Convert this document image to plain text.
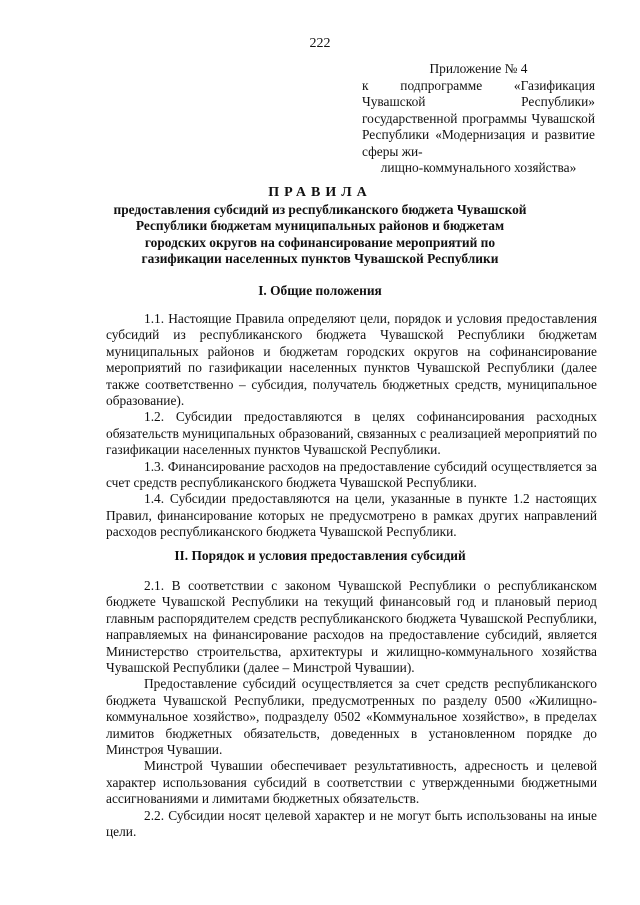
222
Приложение № 4
к подпрограмме «Газификация Чувашской Республики» государственной программы Чувашской Республики «Модернизация и развитие сферы жи-
лищно-коммунального хозяйства»
ПРАВИЛА
предоставления субсидий из республиканского бюджета Чувашской Республики бюджетам муниципальных районов и бюджетам городских округов на софинансирование мероприятий по газификации населенных пунктов Чувашской Республики
I. Общие положения

1.1. Настоящие Правила определяют цели, порядок и условия предоставления субсидий из республиканского бюджета Чувашской Республики бюджетам муниципальных районов и бюджетам городских округов на софинансирование мероприятий по газификации населенных пунктов Чувашской Республики (далее также соответственно – субсидия, получатель бюджетных средств, муниципальное образование).

1.2. Субсидии предоставляются в целях софинансирования расходных обязательств муниципальных образований, связанных с реализацией мероприятий по газификации населенных пунктов Чувашской Республики.

1.3. Финансирование расходов на предоставление субсидий осуществляется за счет средств республиканского бюджета Чувашской Республики.

1.4. Субсидии предоставляются на цели, указанные в пункте 1.2 настоящих Правил, финансирование которых не предусмотрено в рамках других направлений расходов республиканского бюджета Чувашской Республики.

II. Порядок и условия предоставления субсидий

2.1. В соответствии с законом Чувашской Республики о республиканском бюджете Чувашской Республики на текущий финансовый год и плановый период главным распорядителем средств республиканского бюджета Чувашской Республики, направляемых на финансирование расходов на предоставление субсидий, является Министерство строительства, архитектуры и жилищно-коммунального хозяйства Чувашской Республики (далее – Минстрой Чувашии).

Предоставление субсидий осуществляется за счет средств республиканского бюджета Чувашской Республики, предусмотренных по разделу 0500 «Жилищно-коммунальное хозяйство», подразделу 0502 «Коммунальное хозяйство», в пределах лимитов бюджетных обязательств, доведенных в установленном порядке до Минстроя Чувашии.

Минстрой Чувашии обеспечивает результативность, адресность и целевой характер использования субсидий в соответствии с утвержденными бюджетными ассигнованиями и лимитами бюджетных обязательств.

2.2. Субсидии носят целевой характер и не могут быть использованы на иные цели.
